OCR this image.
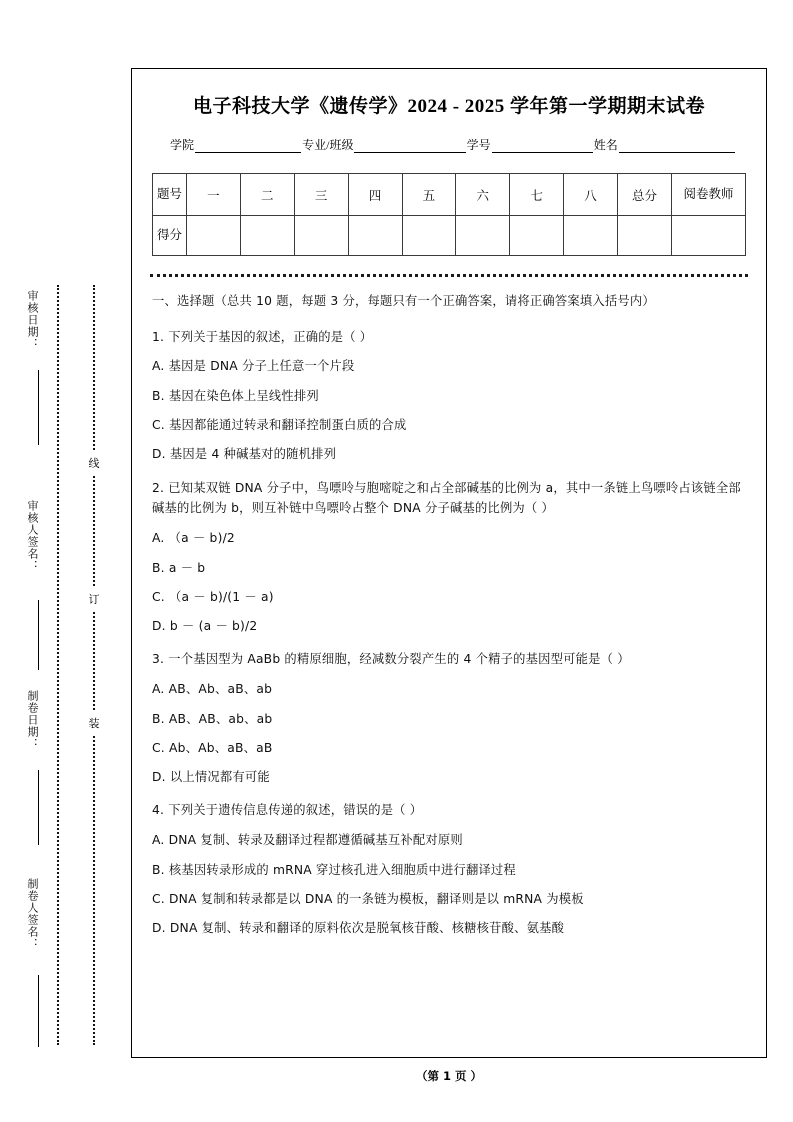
审核日期：
审核人签名：
制卷日期：
制卷人签名：
线
订
装
电子科技大学《遗传学》2024 - 2025 学年第一学期期末试卷
学院	专业/班级	学号	姓名
题号	一	二	三	四	五	六	七	八	总分	阅卷教师
得分										
一、选择题（总共 10 题，每题 3 分，每题只有一个正确答案，请将正确答案填入括号内）
1. 下列关于基因的叙述，正确的是（ ）
A. 基因是 DNA 分子上任意一个片段
B. 基因在染色体上呈线性排列
C. 基因都能通过转录和翻译控制蛋白质的合成
D. 基因是 4 种碱基对的随机排列
2. 已知某双链 DNA 分子中，鸟嘌呤与胞嘧啶之和占全部碱基的比例为 a，其中一条链上鸟嘌呤占该链全部碱基的比例为 b，则互补链中鸟嘌呤占整个 DNA 分子碱基的比例为（ ）
A. （a － b)/2
B. a － b
C. （a － b)/(1 － a)
D. b － (a － b)/2
3. 一个基因型为 AaBb 的精原细胞，经减数分裂产生的 4 个精子的基因型可能是（ ）
A. AB、Ab、aB、ab
B. AB、AB、ab、ab
C. Ab、Ab、aB、aB
D. 以上情况都有可能
4. 下列关于遗传信息传递的叙述，错误的是（ ）
A. DNA 复制、转录及翻译过程都遵循碱基互补配对原则
B. 核基因转录形成的 mRNA 穿过核孔进入细胞质中进行翻译过程
C. DNA 复制和转录都是以 DNA 的一条链为模板，翻译则是以 mRNA 为模板
D. DNA 复制、转录和翻译的原料依次是脱氧核苷酸、核糖核苷酸、氨基酸
（第 1 页 ）
